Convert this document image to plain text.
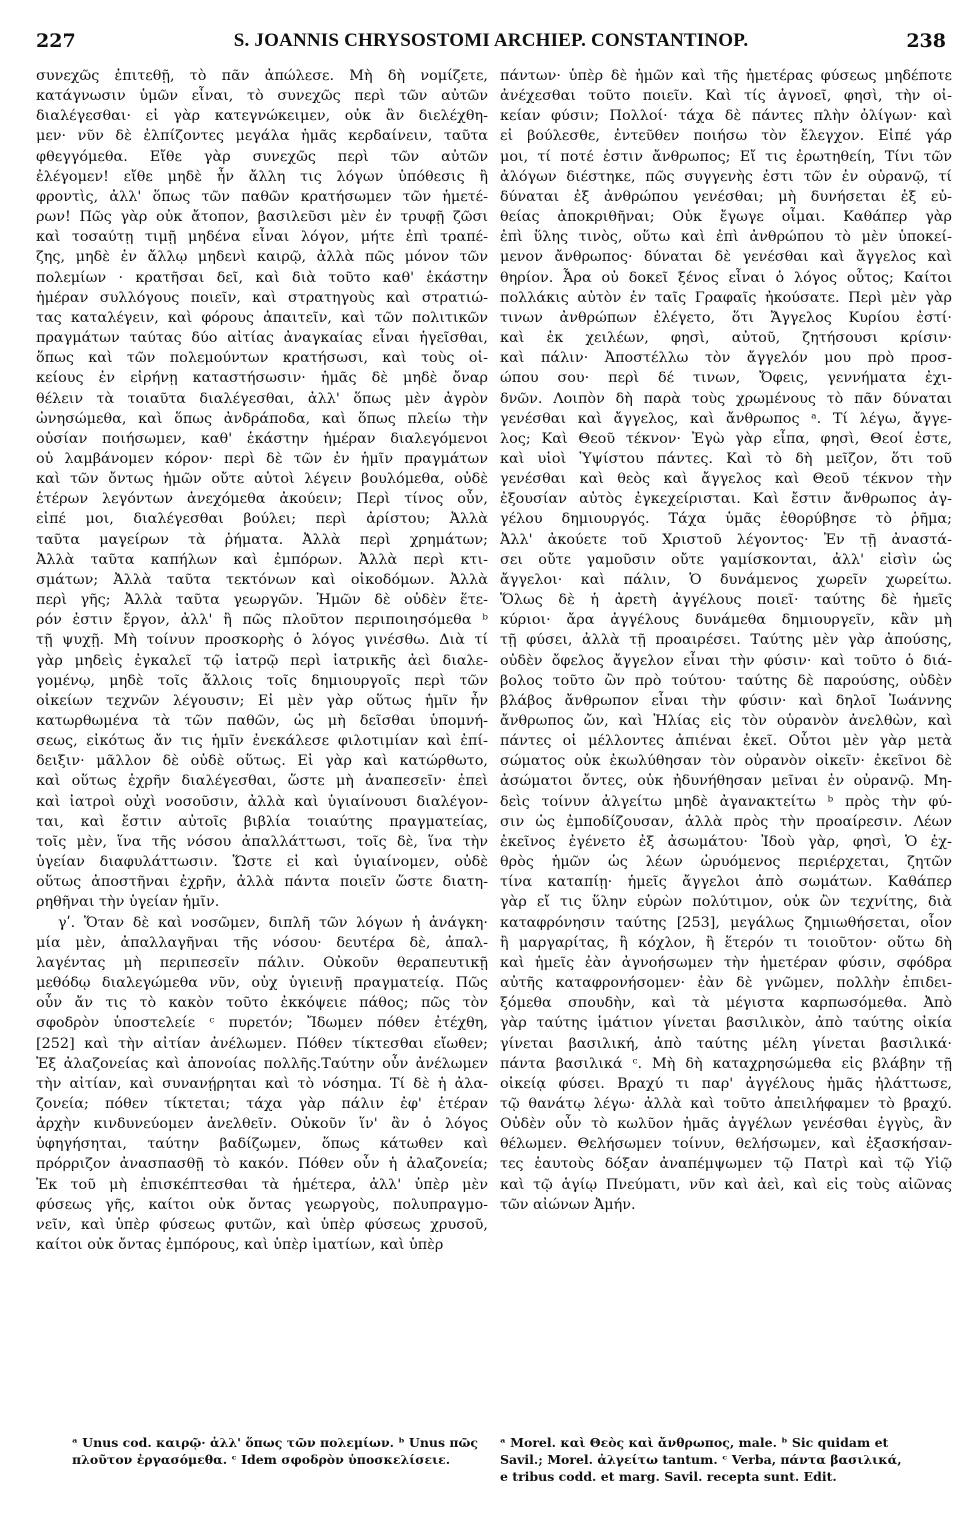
227	S. JOANNIS CHRYSOSTOMI ARCHIEP. CONSTANTINOP.	238

συνεχῶς ἐπιτεθῇ, τὸ πᾶν ἀπώλεσε. Μὴ δὴ νομίζετε,

κατάγνωσιν ὑμῶν εἶναι, τὸ συνεχῶς περὶ τῶν αὐτῶν

διαλέγεσθαι· εἰ γὰρ κατεγνώκειμεν, οὐκ ἂν διελέχθη-

μεν· νῦν δὲ ἐλπίζοντες μεγάλα ἡμᾶς κερδαίνειν, ταῦτα

φθεγγόμεθα. Εἴθε γὰρ συνεχῶς περὶ τῶν αὐτῶν

ἐλέγομεν! εἴθε μηδὲ ἦν ἄλλη τις λόγων ὑπόθεσις ἢ

φροντὶς, ἀλλ' ὅπως τῶν παθῶν κρατήσωμεν τῶν ἡμετέ-

ρων! Πῶς γὰρ οὐκ ἄτοπον, βασιλεῦσι μὲν ἐν τρυφῇ ζῶσι

καὶ τοσαύτῃ τιμῇ μηδένα εἶναι λόγον, μήτε ἐπὶ τραπέ-

ζης, μηδὲ ἐν ἄλλῳ μηδενὶ καιρῷ, ἀλλὰ πῶς μόνον τῶν

πολεμίων · κρατῆσαι δεῖ, καὶ διὰ τοῦτο καθ' ἑκάστην

ἡμέραν συλλόγους ποιεῖν, καὶ στρατηγοὺς καὶ στρατιώ-

τας καταλέγειν, καὶ φόρους ἀπαιτεῖν, καὶ τῶν πολιτικῶν

πραγμάτων ταύτας δύο αἰτίας ἀναγκαίας εἶναι ἡγεῖσθαι,

ὅπως καὶ τῶν πολεμούντων κρατήσωσι, καὶ τοὺς οἰ-

κείους ἐν εἰρήνῃ καταστήσωσιν· ἡμᾶς δὲ μηδὲ ὄναρ

θέλειν τὰ τοιαῦτα διαλέγεσθαι, ἀλλ' ὅπως μὲν ἀγρὸν

ὠνησώμεθα, καὶ ὅπως ἀνδράποδα, καὶ ὅπως πλείω τὴν

οὐσίαν ποιήσωμεν, καθ' ἑκάστην ἡμέραν διαλεγόμενοι

οὐ λαμβάνομεν κόρον· περὶ δὲ τῶν ἐν ἡμῖν πραγμάτων

καὶ τῶν ὄντως ἡμῶν οὔτε αὐτοὶ λέγειν βουλόμεθα, οὐδὲ

ἑτέρων λεγόντων ἀνεχόμεθα ἀκούειν; Περὶ τίνος οὖν,

εἰπέ μοι, διαλέγεσθαι βούλει; περὶ ἀρίστου; Ἀλλὰ

ταῦτα μαγείρων τὰ ῥήματα. Ἀλλὰ περὶ χρημάτων;

Ἀλλὰ ταῦτα καπήλων καὶ ἐμπόρων. Ἀλλὰ περὶ κτι-

σμάτων; Ἀλλὰ ταῦτα τεκτόνων καὶ οἰκοδόμων. Ἀλλὰ

περὶ γῆς; Ἀλλὰ ταῦτα γεωργῶν. Ἡμῶν δὲ οὐδὲν ἕτε-

ρόν ἐστιν ἔργον, ἀλλ' ἢ πῶς πλοῦτον περιποιησόμεθα ᵇ

τῇ ψυχῇ. Μὴ τοίνυν προσκορὴς ὁ λόγος γινέσθω. Διὰ τί

γὰρ μηδεὶς ἐγκαλεῖ τῷ ἰατρῷ περὶ ἰατρικῆς ἀεὶ διαλε-

γομένῳ, μηδὲ τοῖς ἄλλοις τοῖς δημιουργοῖς περὶ τῶν

οἰκείων τεχνῶν λέγουσιν; Εἰ μὲν γὰρ οὕτως ἡμῖν ἦν

κατωρθωμένα τὰ τῶν παθῶν, ὡς μὴ δεῖσθαι ὑπομνή-

σεως, εἰκότως ἄν τις ἡμῖν ἐνεκάλεσε φιλοτιμίαν καὶ ἐπί-

δειξιν· μᾶλλον δὲ οὐδὲ οὕτως. Εἰ γὰρ καὶ κατώρθωτο,

καὶ οὕτως ἐχρῆν διαλέγεσθαι, ὥστε μὴ ἀναπεσεῖν· ἐπεὶ

καὶ ἰατροὶ οὐχὶ νοσοῦσιν, ἀλλὰ καὶ ὑγιαίνουσι διαλέγον-

ται, καὶ ἔστιν αὐτοῖς βιβλία τοιαύτης πραγματείας,

τοῖς μὲν, ἵνα τῆς νόσου ἀπαλλάττωσι, τοῖς δὲ, ἵνα τὴν

ὑγείαν διαφυλάττωσιν. Ὥστε εἰ καὶ ὑγιαίνομεν, οὐδὲ

οὕτως ἀποστῆναι ἐχρῆν, ἀλλὰ πάντα ποιεῖν ὥστε διατη-

ρηθῆναι τὴν ὑγείαν ἡμῖν.

γʹ. Ὅταν δὲ καὶ νοσῶμεν, διπλῆ τῶν λόγων ἡ ἀνάγκη·

μία μὲν, ἀπαλλαγῆναι τῆς νόσου· δευτέρα δὲ, ἀπαλ-

λαγέντας μὴ περιπεσεῖν πάλιν. Οὐκοῦν θεραπευτικῇ

μεθόδῳ διαλεγώμεθα νῦν, οὐχ ὑγιεινῇ πραγματείᾳ. Πῶς

οὖν ἄν τις τὸ κακὸν τοῦτο ἐκκόψειε πάθος; πῶς τὸν

σφοδρὸν ὑποστελείε ᶜ πυρετόν; Ἴδωμεν πόθεν ἐτέχθη,

[252] καὶ τὴν αἰτίαν ἀνέλωμεν. Πόθεν τίκτεσθαι εἴωθεν;

Ἐξ ἀλαζονείας καὶ ἀπονοίας πολλῆς.Ταύτην οὖν ἀνέλωμεν

τὴν αἰτίαν, καὶ συνανῄρηται καὶ τὸ νόσημα. Τί δὲ ἡ ἀλα-

ζονεία; πόθεν τίκτεται; τάχα γὰρ πάλιν ἐφ' ἑτέραν

ἀρχὴν κινδυνεύομεν ἀνελθεῖν. Οὐκοῦν ἵν' ἂν ὁ λόγος

ὑφηγήσηται, ταύτην βαδίζωμεν, ὅπως κάτωθεν καὶ

πρόρριζον ἀνασπασθῇ τὸ κακόν. Πόθεν οὖν ἡ ἀλαζονεία;

Ἐκ τοῦ μὴ ἐπισκέπτεσθαι τὰ ἡμέτερα, ἀλλ' ὑπὲρ μὲν

φύσεως γῆς, καίτοι οὐκ ὄντας γεωργοὺς, πολυπραγμο-

νεῖν, καὶ ὑπὲρ φύσεως φυτῶν, καὶ ὑπὲρ φύσεως χρυσοῦ,

καίτοι οὐκ ὄντας ἐμπόρους, καὶ ὑπὲρ ἱματίων, καὶ ὑπὲρ

πάντων· ὑπὲρ δὲ ἡμῶν καὶ τῆς ἡμετέρας φύσεως μηδέποτε

ἀνέχεσθαι τοῦτο ποιεῖν. Καὶ τίς ἀγνοεῖ, φησὶ, τὴν οἰ-

κείαν φύσιν; Πολλοί· τάχα δὲ πάντες πλὴν ὀλίγων· καὶ

εἰ βούλεσθε, ἐντεῦθεν ποιήσω τὸν ἔλεγχον. Εἰπέ γάρ

μοι, τί ποτέ ἐστιν ἄνθρωπος; Εἴ τις ἐρωτηθείη, Τίνι τῶν

ἀλόγων διέστηκε, πῶς συγγενὴς ἐστι τῶν ἐν οὐρανῷ, τί

δύναται ἐξ ἀνθρώπου γενέσθαι; μὴ δυνήσεται ἐξ εὐ-

θείας ἀποκριθῆναι; Οὐκ ἔγωγε οἶμαι. Καθάπερ γὰρ

ἐπὶ ὕλης τινὸς, οὕτω καὶ ἐπὶ ἀνθρώπου τὸ μὲν ὑποκεί-

μενον ἄνθρωπος· δύναται δὲ γενέσθαι καὶ ἄγγελος καὶ

θηρίον. Ἆρα οὐ δοκεῖ ξένος εἶναι ὁ λόγος οὗτος; Καίτοι

πολλάκις αὐτὸν ἐν ταῖς Γραφαῖς ἠκούσατε. Περὶ μὲν γὰρ

τινων ἀνθρώπων ἐλέγετο, ὅτι Ἄγγελος Κυρίου ἐστί·

καὶ ἐκ χειλέων, φησὶ, αὐτοῦ, ζητήσουσι κρίσιν·

καὶ πάλιν· Ἀποστέλλω τὸν ἄγγελόν μου πρὸ προσ-

ώπου σου· περὶ δέ τινων, Ὄφεις, γεννήματα ἐχι-

δνῶν. Λοιπὸν δὴ παρὰ τοὺς χρωμένους τὸ πᾶν δύναται

γενέσθαι καὶ ἄγγελος, καὶ ἄνθρωπος ᵃ. Τί λέγω, ἄγγε-

λος; Καὶ Θεοῦ τέκνον· Ἐγὼ γὰρ εἶπα, φησὶ, Θεοί ἐστε,

καὶ υἱοὶ Ὑψίστου πάντες. Καὶ τὸ δὴ μεῖζον, ὅτι τοῦ

γενέσθαι καὶ θεὸς καὶ ἄγγελος καὶ Θεοῦ τέκνον τὴν

ἐξουσίαν αὐτὸς ἐγκεχείρισται. Καὶ ἔστιν ἄνθρωπος ἀγ-

γέλου δημιουργός. Τάχα ὑμᾶς ἐθορύβησε τὸ ῥῆμα;

Ἀλλ' ἀκούετε τοῦ Χριστοῦ λέγοντος· Ἐν τῇ ἀναστά-

σει οὔτε γαμοῦσιν οὔτε γαμίσκονται, ἀλλ' εἰσὶν ὡς

ἄγγελοι· καὶ πάλιν, Ὁ δυνάμενος χωρεῖν χωρείτω.

Ὅλως δὲ ἡ ἀρετὴ ἀγγέλους ποιεῖ· ταύτης δὲ ἡμεῖς

κύριοι· ἄρα ἀγγέλους δυνάμεθα δημιουργεῖν, κἂν μὴ

τῇ φύσει, ἀλλὰ τῇ προαιρέσει. Ταύτης μὲν γὰρ ἀπούσης,

οὐδὲν ὄφελος ἄγγελον εἶναι τὴν φύσιν· καὶ τοῦτο ὁ διά-

βολος τοῦτο ὢν πρὸ τούτου· ταύτης δὲ παρούσης, οὐδὲν

βλάβος ἄνθρωπον εἶναι τὴν φύσιν· καὶ δηλοῖ Ἰωάννης

ἄνθρωπος ὤν, καὶ Ἠλίας εἰς τὸν οὐρανὸν ἀνελθὼν, καὶ

πάντες οἱ μέλλοντες ἀπιέναι ἐκεῖ. Οὗτοι μὲν γὰρ μετὰ

σώματος οὐκ ἐκωλύθησαν τὸν οὐρανὸν οἰκεῖν· ἐκεῖνοι δὲ

ἀσώματοι ὄντες, οὐκ ἠδυνήθησαν μεῖναι ἐν οὐρανῷ. Μη-

δεὶς τοίνυν ἀλγείτω μηδὲ ἀγανακτείτω ᵇ πρὸς τὴν φύ-

σιν ὡς ἐμποδίζουσαν, ἀλλὰ πρὸς τὴν προαίρεσιν. Λέων

ἐκεῖνος ἐγένετο ἐξ ἀσωμάτου· Ἰδοὺ γὰρ, φησὶ, Ὁ ἐχ-

θρὸς ἡμῶν ὡς λέων ὠρυόμενος περιέρχεται, ζητῶν

τίνα καταπίῃ· ἡμεῖς ἄγγελοι ἀπὸ σωμάτων. Καθάπερ

γὰρ εἴ τις ὕλην εὑρὼν πολύτιμον, οὐκ ὢν τεχνίτης, διὰ

καταφρόνησιν ταύτης [253], μεγάλως ζημιωθήσεται, οἷον

ἢ μαργαρίτας, ἢ κόχλον, ἢ ἕτερόν τι τοιοῦτον· οὕτω δὴ

καὶ ἡμεῖς ἐὰν ἀγνοήσωμεν τὴν ἡμετέραν φύσιν, σφόδρα

αὐτῆς καταφρονήσομεν· ἐὰν δὲ γνῶμεν, πολλὴν ἐπιδει-

ξόμεθα σπουδὴν, καὶ τὰ μέγιστα καρπωσόμεθα. Ἀπὸ

γὰρ ταύτης ἱμάτιον γίνεται βασιλικὸν, ἀπὸ ταύτης οἰκία

γίνεται βασιλική, ἀπὸ ταύτης μέλη γίνεται βασιλικά·

πάντα βασιλικά ᶜ. Μὴ δὴ καταχρησώμεθα εἰς βλάβην τῇ

οἰκείᾳ φύσει. Βραχύ τι παρ' ἀγγέλους ἡμᾶς ἠλάττωσε,

τῷ θανάτῳ λέγω· ἀλλὰ καὶ τοῦτο ἀπειλήφαμεν τὸ βραχύ.

Οὐδὲν οὖν τὸ κωλῦον ἡμᾶς ἀγγέλων γενέσθαι ἐγγὺς, ἂν

θέλωμεν. Θελήσωμεν τοίνυν, θελήσωμεν, καὶ ἐξασκήσαν-

τες ἑαυτοὺς δόξαν ἀναπέμψωμεν τῷ Πατρὶ καὶ τῷ Υἱῷ

καὶ τῷ ἁγίῳ Πνεύματι, νῦν καὶ ἀεὶ, καὶ εἰς τοὺς αἰῶνας

τῶν αἰώνων Ἀμήν.

ᵃ Unus cod. καιρῷ· ἀλλ' ὅπως τῶν πολεμίων. ᵇ Unus πῶς
πλοῦτον ἐργασόμεθα. ᶜ Idem σφοδρὸν ὑποσκελίσειε.
ᵃ Morel. καὶ Θεὸς καὶ ἄνθρωπος, male. ᵇ Sic quidam et
Savil.; Morel. ἀλγείτω tantum. ᶜ Verba, πάντα βασιλικά,
e tribus codd. et marg. Savil. recepta sunt. Edit.
